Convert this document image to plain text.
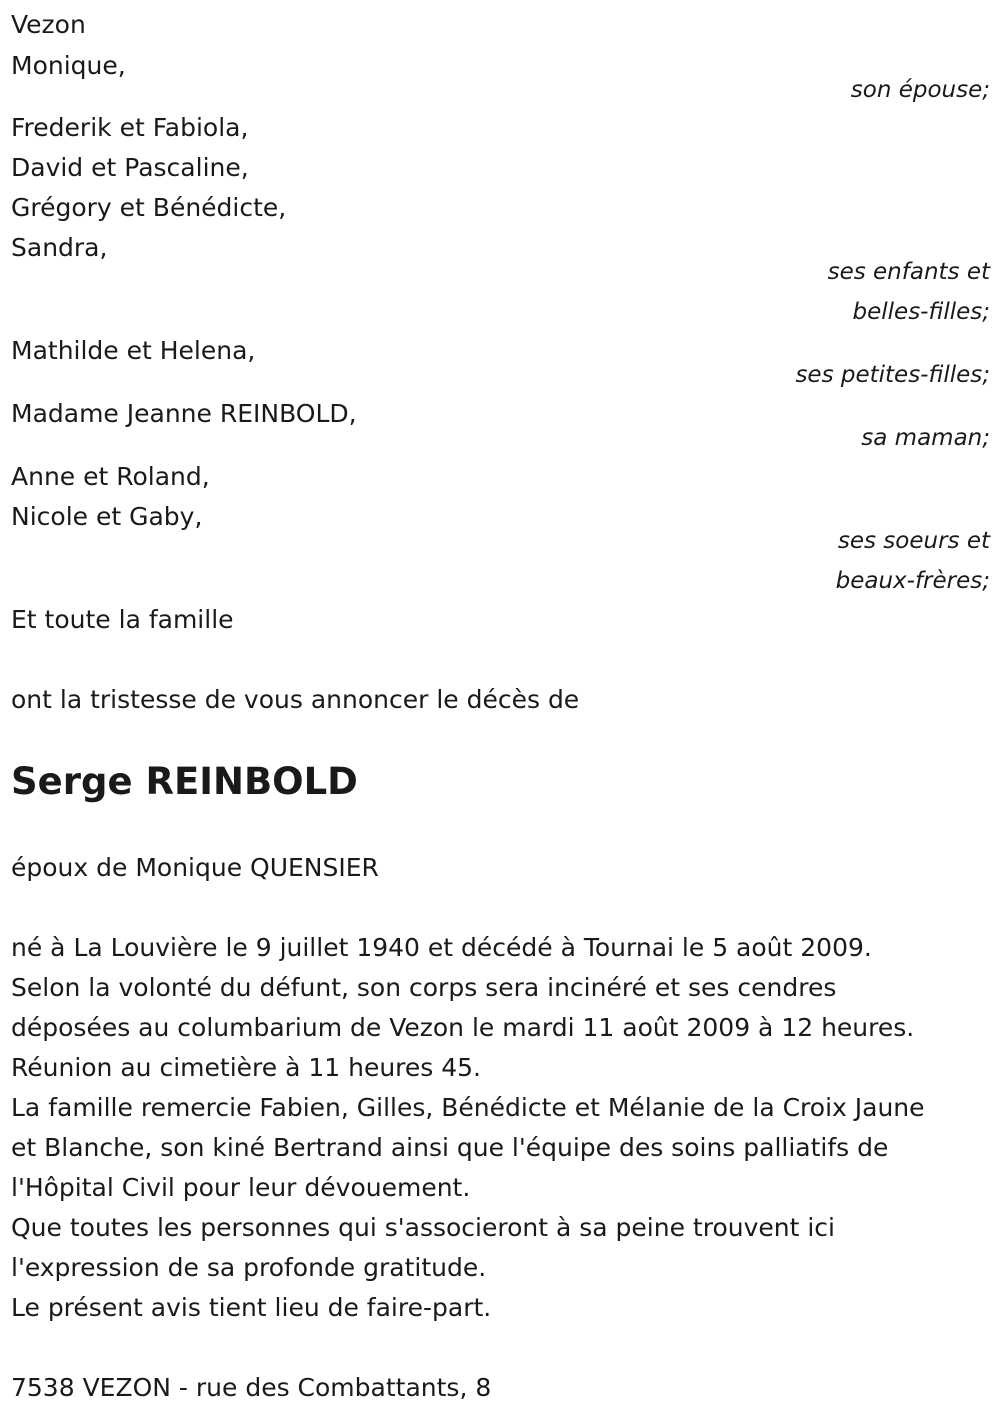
Vezon
Monique,
son épouse;
Frederik et Fabiola,
David et Pascaline,
Grégory et Bénédicte,
Sandra,
ses enfants et
belles-filles;
Mathilde et Helena,
ses petites-filles;
Madame Jeanne REINBOLD,
sa maman;
Anne et Roland,
Nicole et Gaby,
ses soeurs et
beaux-frères;
Et toute la famille
ont la tristesse de vous annoncer le décès de
Serge REINBOLD
époux de Monique QUENSIER
né à La Louvière le 9 juillet 1940 et décédé à Tournai le 5 août 2009.
Selon la volonté du défunt, son corps sera incinéré et ses cendres
déposées au columbarium de Vezon le mardi 11 août 2009 à 12 heures.
Réunion au cimetière à 11 heures 45.
La famille remercie Fabien, Gilles, Bénédicte et Mélanie de la Croix Jaune
et Blanche, son kiné Bertrand ainsi que l'équipe des soins palliatifs de
l'Hôpital Civil pour leur dévouement.
Que toutes les personnes qui s'associeront à sa peine trouvent ici
l'expression de sa profonde gratitude.
Le présent avis tient lieu de faire-part.
7538 VEZON - rue des Combattants, 8
